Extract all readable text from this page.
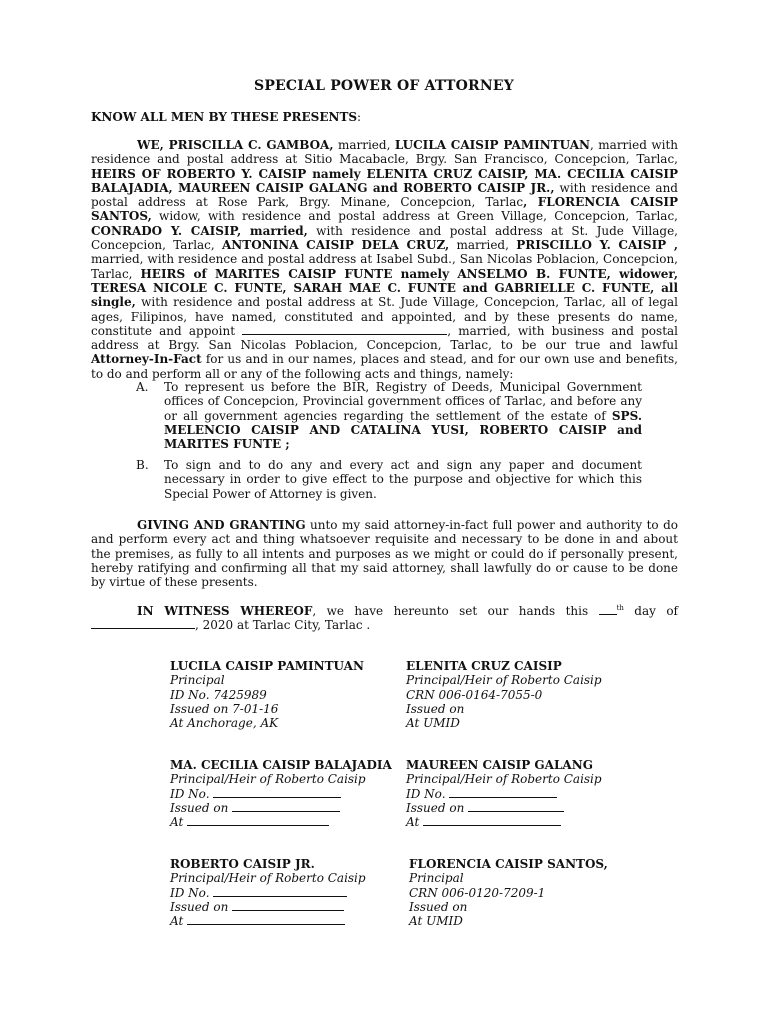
SPECIAL POWER OF ATTORNEY
KNOW ALL MEN BY THESE PRESENTS:
WE, PRISCILLA C. GAMBOA, married, LUCILA CAISIP PAMINTUAN, married with residence and postal address at Sitio Macabacle, Brgy. San Francisco, Concepcion, Tarlac, HEIRS OF ROBERTO Y. CAISIP namely ELENITA CRUZ CAISIP, MA. CECILIA CAISIP BALAJADIA, MAUREEN CAISIP GALANG and ROBERTO CAISIP JR., with residence and postal address at Rose Park, Brgy. Minane, Concepcion, Tarlac, FLORENCIA CAISIP SANTOS, widow, with residence and postal address at Green Village, Concepcion, Tarlac, CONRADO Y. CAISIP, married, with residence and postal address at St. Jude Village, Concepcion, Tarlac, ANTONINA CAISIP DELA CRUZ, married, PRISCILLO Y. CAISIP , married, with residence and postal address at Isabel Subd., San Nicolas Poblacion, Concepcion, Tarlac, HEIRS of MARITES CAISIP FUNTE namely ANSELMO B. FUNTE, widower, TERESA NICOLE C. FUNTE, SARAH MAE C. FUNTE and GABRIELLE C. FUNTE, all single, with residence and postal address at St. Jude Village, Concepcion, Tarlac, all of legal ages, Filipinos, have named, constituted and appointed, and by these presents do name, constitute and appoint	, married, with business and postal address at Brgy. San Nicolas Poblacion, Concepcion, Tarlac, to be our true and lawful Attorney-In-Fact for us and in our names, places and stead, and for our own use and benefits, to do and perform all or any of the following acts and things, namely:
A.	To represent us before the BIR, Registry of Deeds, Municipal Government offices of Concepcion, Provincial government offices of Tarlac, and before any or all government agencies regarding the settlement of the estate of SPS. MELENCIO CAISIP AND CATALINA YUSI, ROBERTO CAISIP and MARITES FUNTE ;
B.	To sign and to do any and every act and sign any paper and document necessary in order to give effect to the purpose and objective for which this Special Power of Attorney is given.
GIVING AND GRANTING unto my said attorney-in-fact full power and authority to do and perform every act and thing whatsoever requisite and necessary to be done in and about the premises, as fully to all intents and purposes as we might or could do if personally present, hereby ratifying and confirming all that my said attorney, shall lawfully do or cause to be done by virtue of these presents.
IN WITNESS WHEREOF, we have hereunto set our hands this	$^{th}$ day of , 2020 at Tarlac City, Tarlac .
LUCILA CAISIP PAMINTUAN
Principal
ID No. 7425989
Issued on 7-01-16
At Anchorage, AK
ELENITA CRUZ CAISIP
Principal/Heir of Roberto Caisip
CRN 006-0164-7055-0
Issued on
At UMID
MA. CECILIA CAISIP BALAJADIA
Principal/Heir of Roberto Caisip
ID No.
Issued on
At
MAUREEN CAISIP GALANG
Principal/Heir of Roberto Caisip
ID No.
Issued on
At
ROBERTO CAISIP JR.
Principal/Heir of Roberto Caisip
ID No.
Issued on
At
FLORENCIA CAISIP SANTOS,
Principal
CRN 006-0120-7209-1
Issued on
At UMID
